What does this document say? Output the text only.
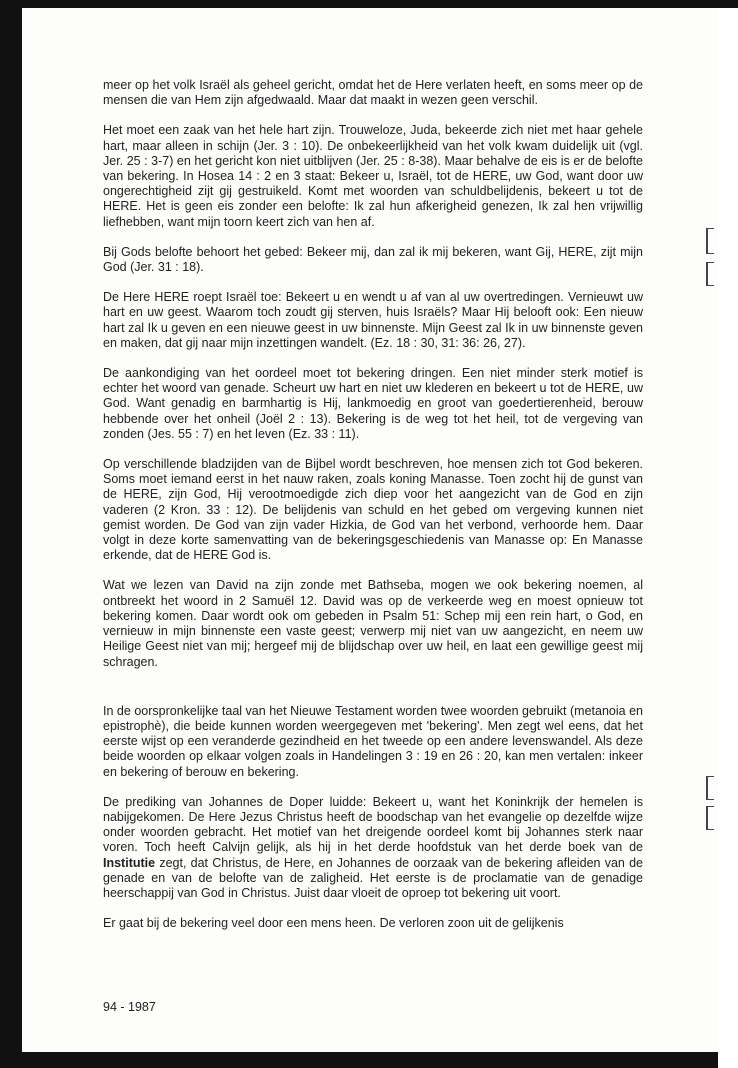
meer op het volk Israël als geheel gericht, omdat het de Here verlaten heeft, en soms meer op de mensen die van Hem zijn afgedwaald. Maar dat maakt in wezen geen verschil.

Het moet een zaak van het hele hart zijn. Trouweloze, Juda, bekeerde zich niet met haar gehele hart, maar alleen in schijn (Jer. 3 : 10). De onbekeerlijkheid van het volk kwam duidelijk uit (vgl. Jer. 25 : 3-7) en het gericht kon niet uitblijven (Jer. 25 : 8-38). Maar behalve de eis is er de belofte van bekering. In Hosea 14 : 2 en 3 staat: Bekeer u, Israël, tot de HERE, uw God, want door uw ongerechtigheid zijt gij gestruikeld. Komt met woorden van schuldbelijdenis, bekeert u tot de HERE. Het is geen eis zonder een belofte: Ik zal hun afkerigheid genezen, Ik zal hen vrijwillig liefhebben, want mijn toorn keert zich van hen af.

Bij Gods belofte behoort het gebed: Bekeer mij, dan zal ik mij bekeren, want Gij, HERE, zijt mijn God (Jer. 31 : 18).

De Here HERE roept Israël toe: Bekeert u en wendt u af van al uw overtredingen. Vernieuwt uw hart en uw geest. Waarom toch zoudt gij sterven, huis Israëls? Maar Hij belooft ook: Een nieuw hart zal Ik u geven en een nieuwe geest in uw binnenste. Mijn Geest zal Ik in uw binnenste geven en maken, dat gij naar mijn inzettingen wandelt. (Ez. 18 : 30, 31: 36: 26, 27).

De aankondiging van het oordeel moet tot bekering dringen. Een niet minder sterk motief is echter het woord van genade. Scheurt uw hart en niet uw klederen en bekeert u tot de HERE, uw God. Want genadig en barmhartig is Hij, lankmoedig en groot van goedertierenheid, berouw hebbende over het onheil (Joël 2 : 13). Bekering is de weg tot het heil, tot de vergeving van zonden (Jes. 55 : 7) en het leven (Ez. 33 : 11).

Op verschillende bladzijden van de Bijbel wordt beschreven, hoe mensen zich tot God bekeren. Soms moet iemand eerst in het nauw raken, zoals koning Manasse. Toen zocht hij de gunst van de HERE, zijn God, Hij verootmoedigde zich diep voor het aangezicht van de God en zijn vaderen (2 Kron. 33 : 12). De belijdenis van schuld en het gebed om vergeving kunnen niet gemist worden. De God van zijn vader Hizkia, de God van het verbond, verhoorde hem. Daar volgt in deze korte samenvatting van de bekeringsgeschiedenis van Manasse op: En Manasse erkende, dat de HERE God is.

Wat we lezen van David na zijn zonde met Bathseba, mogen we ook bekering noemen, al ontbreekt het woord in 2 Samuël 12. David was op de verkeerde weg en moest opnieuw tot bekering komen. Daar wordt ook om gebeden in Psalm 51: Schep mij een rein hart, o God, en vernieuw in mijn binnenste een vaste geest; verwerp mij niet van uw aangezicht, en neem uw Heilige Geest niet van mij; hergeef mij de blijdschap over uw heil, en laat een gewillige geest mij schragen.

In de oorspronkelijke taal van het Nieuwe Testament worden twee woorden gebruikt (metanoia en epistrophè), die beide kunnen worden weergegeven met 'bekering'. Men zegt wel eens, dat het eerste wijst op een veranderde gezindheid en het tweede op een andere levenswandel. Als deze beide woorden op elkaar volgen zoals in Handelingen 3 : 19 en 26 : 20, kan men vertalen: inkeer en bekering of berouw en bekering.

De prediking van Johannes de Doper luidde: Bekeert u, want het Koninkrijk der hemelen is nabijgekomen. De Here Jezus Christus heeft de boodschap van het evangelie op dezelfde wijze onder woorden gebracht. Het motief van het dreigende oordeel komt bij Johannes sterk naar voren. Toch heeft Calvijn gelijk, als hij in het derde hoofdstuk van het derde boek van de Institutie zegt, dat Christus, de Here, en Johannes de oorzaak van de bekering afleiden van de genade en van de belofte van de zaligheid. Het eerste is de proclamatie van de genadige heerschappij van God in Christus. Juist daar vloeit de oproep tot bekering uit voort.

Er gaat bij de bekering veel door een mens heen. De verloren zoon uit de gelijkenis

94 - 1987
